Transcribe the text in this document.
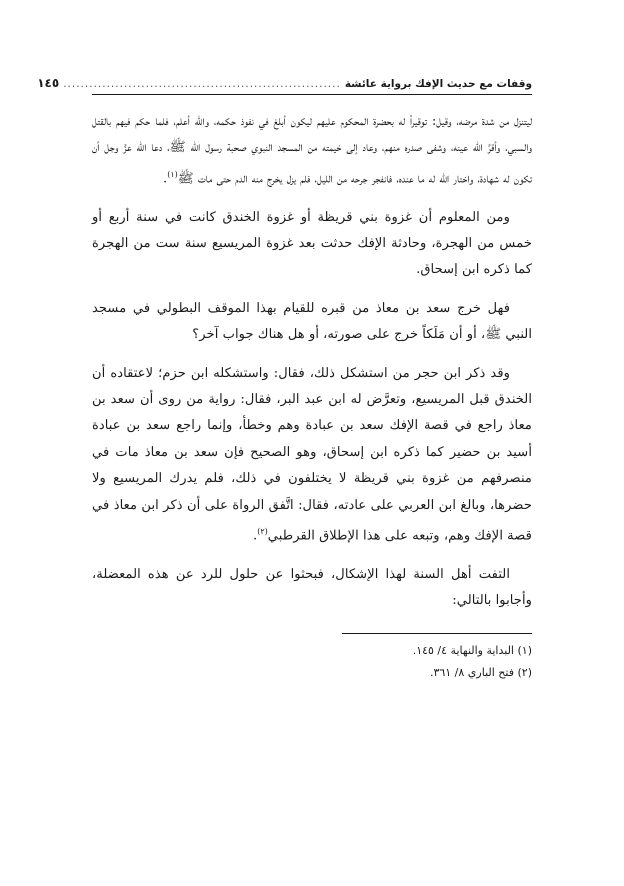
وقفات مع حديث الإفك برواية عائشة
................................................................
١٤٥

ليتنزل من شدة مرضه، وقيل: توقيراً له بحضرة المحكوم عليهم ليكون أبلغ في نفوذ حكمه، والله أعلم، فلما حكم فيهم بالقتل والسبي، وأقرَّ الله عينه، وشفى صدره منهم، وعاد إلى خيمته من المسجد النبوي صحبة رسول الله ﷺ، دعا الله عزَّ وجل أن تكون له شهادة، واختار الله له ما عنده، فانفجر جرحه من الليل، فلم يزل يخرج منه الدم حتى مات ﷺ$^{(١)}$.

ومن المعلوم أن غزوة بني قريظة أو غزوة الخندق كانت في سنة أربع أو خمس من الهجرة، وحادثة الإفك حدثت بعد غزوة المريسيع سنة ست من الهجرة كما ذكره ابن إسحاق.

فهل خرج سعد بن معاذ من قبره للقيام بهذا الموقف البطولي في مسجد النبي ﷺ، أو أن مَلَكاً خرج على صورته، أو هل هناك جواب آخر؟

وقد ذكر ابن حجر من استشكل ذلك، فقال: واستشكله ابن حزم؛ لاعتقاده أن الخندق قبل المريسيع، وتعرَّض له ابن عبد البر، فقال: رواية من روى أن سعد بن معاذ راجع في قصة الإفك سعد بن عبادة وهم وخطأ، وإنما راجع سعد بن عبادة أسيد بن حضير كما ذكره ابن إسحاق، وهو الصحيح فإن سعد بن معاذ مات في منصرفهم من غزوة بني قريظة لا يختلفون في ذلك، فلم يدرك المريسيع ولا حضرها، وبالغ ابن العربي على عادته، فقال: اتَّفق الرواة على أن ذكر ابن معاذ في قصة الإفك وهم، وتبعه على هذا الإطلاق القرطبي$^{(٢)}$.

التفت أهل السنة لهذا الإشكال، فبحثوا عن حلول للرد عن هذه المعضلة، وأجابوا بالتالي:

(١) البداية والنهاية ٤/ ١٤٥.

(٢) فتح الباري ٨/ ٣٦١.
